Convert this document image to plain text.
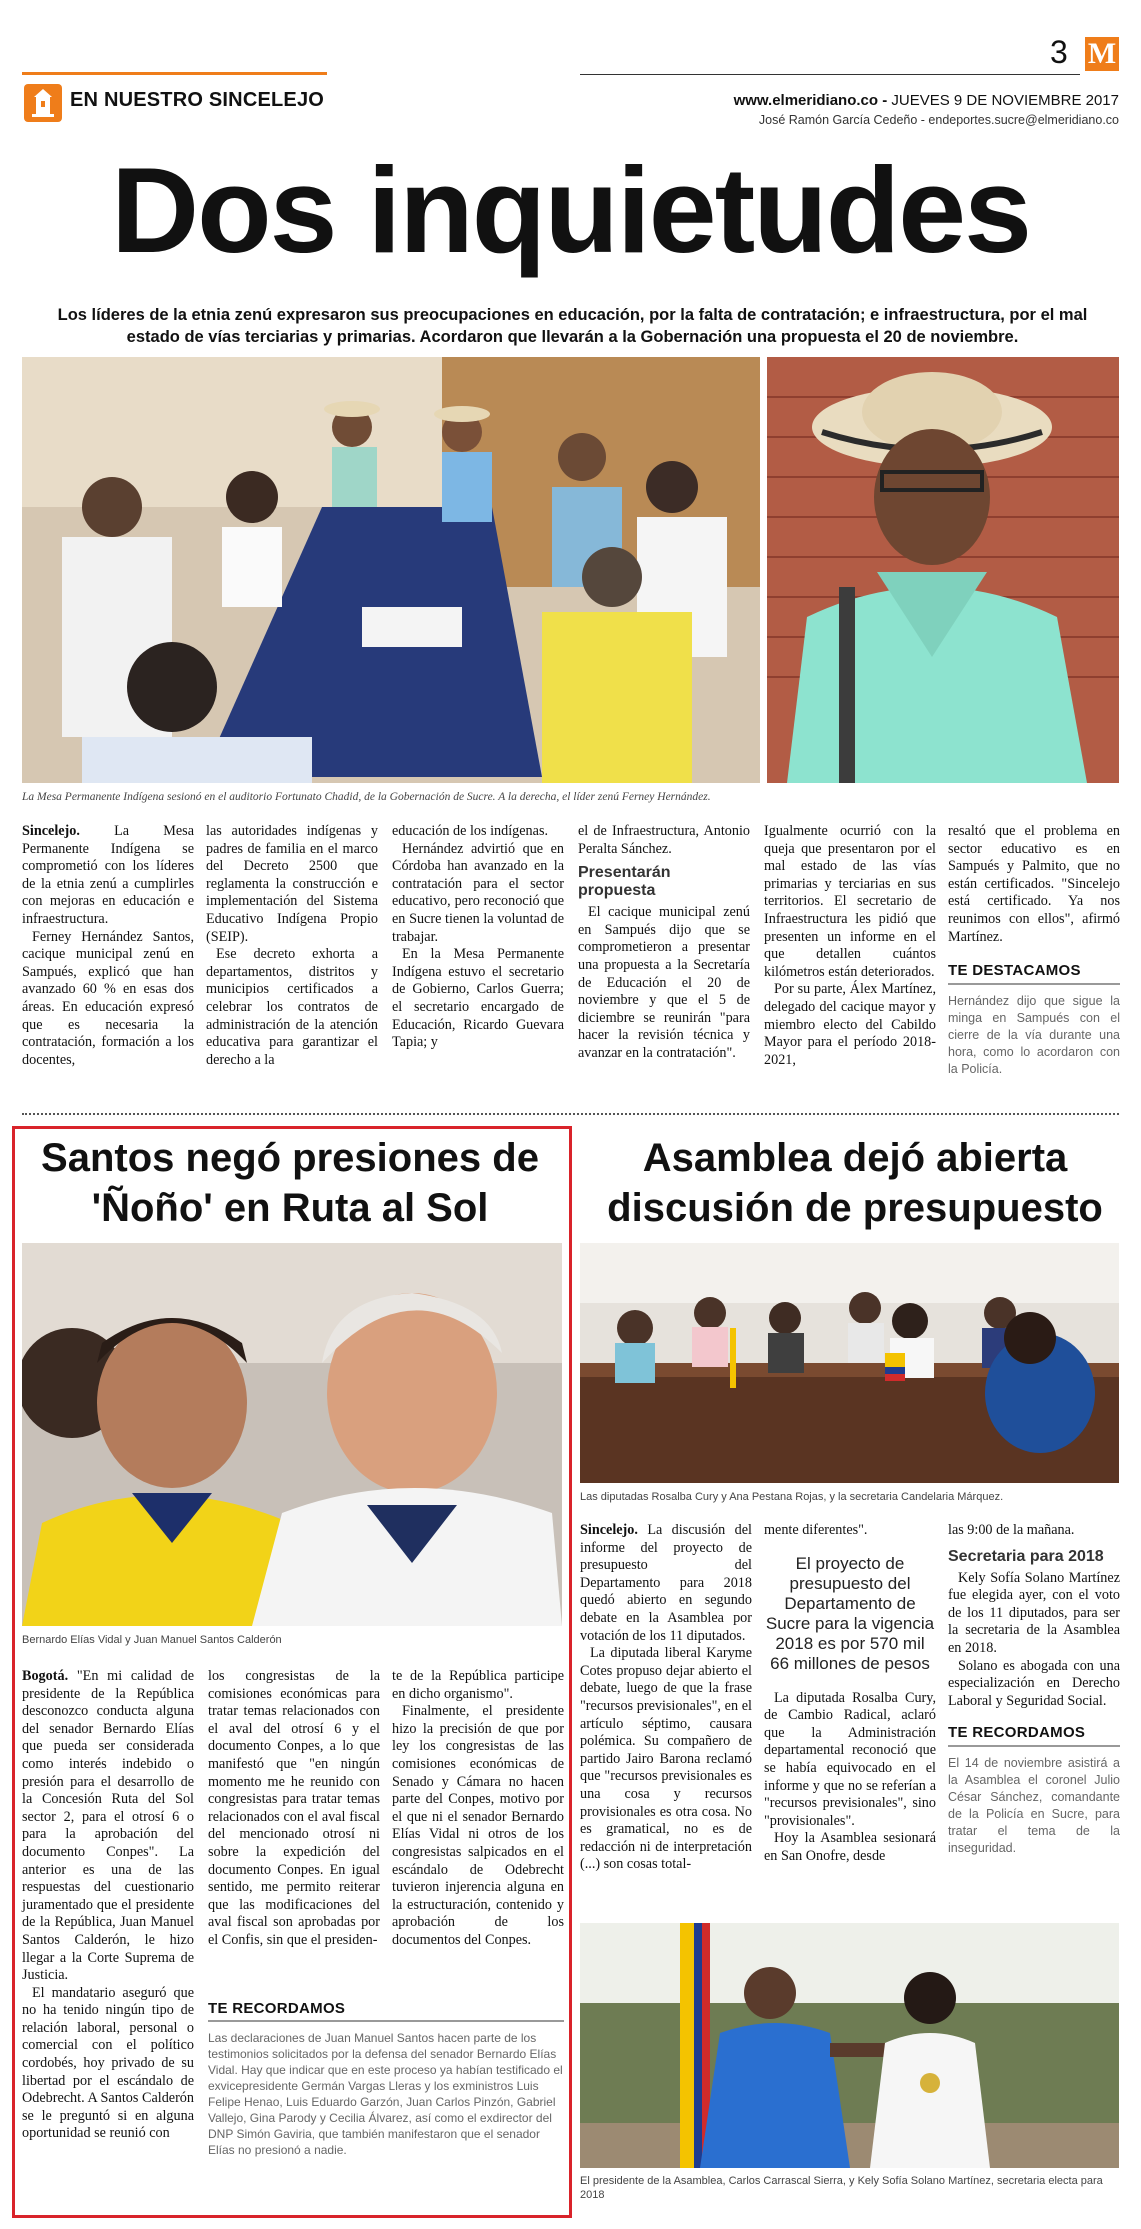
EN NUESTRO SINCELEJO
3 M
www.elmeridiano.co - JUEVES 9 DE NOVIEMBRE 2017
José Ramón García Cedeño - endeportes.sucre@elmeridiano.co
Dos inquietudes
Los líderes de la etnia zenú expresaron sus preocupaciones en educación, por la falta de contratación; e infraestructura, por el mal estado de vías terciarias y primarias. Acordaron que llevarán a la Gobernación una propuesta el 20 de noviembre.
La Mesa Permanente Indígena sesionó en el auditorio Fortunato Chadid, de la Gobernación de Sucre. A la derecha, el líder zenú Ferney Hernández.

Sincelejo. La Mesa Permanente Indígena se comprometió con los líderes de la etnia zenú a cumplirles con mejoras en educación e infraestructura.

Ferney Hernández Santos, cacique municipal zenú en Sampués, explicó que han avanzado 60 % en esas dos áreas. En educación expresó que es necesaria la contratación, formación a los docentes,

las autoridades indígenas y padres de familia en el marco del Decreto 2500 que reglamenta la construcción e implementación del Sistema Educativo Indígena Propio (SEIP).

Ese decreto exhorta a departamentos, distritos y municipios certificados a celebrar los contratos de administración de la atención educativa para garantizar el derecho a la

educación de los indígenas.

Hernández advirtió que en Córdoba han avanzado en la contratación para el sector educativo, pero reconoció que en Sucre tienen la voluntad de trabajar.

En la Mesa Permanente Indígena estuvo el secretario de Gobierno, Carlos Guerra; el secretario encargado de Educación, Ricardo Guevara Tapia; y

el de Infraestructura, Antonio Peralta Sánchez.

Presentarán propuesta

El cacique municipal zenú en Sampués dijo que se comprometieron a presentar una propuesta a la Secretaría de Educación el 20 de noviembre y que el 5 de diciembre se reunirán "para hacer la revisión técnica y avanzar en la contratación".

Igualmente ocurrió con la queja que presentaron por el mal estado de las vías primarias y terciarias en sus territorios. El secretario de Infraestructura les pidió que presenten un informe en el que detallen cuántos kilómetros están deteriorados.

Por su parte, Álex Martínez, delegado del cacique mayor y miembro electo del Cabildo Mayor para el período 2018-2021,

resaltó que el problema en sector educativo es en Sampués y Palmito, que no están certificados. "Sincelejo está certificado. Ya nos reunimos con ellos", afirmó Martínez.

TE DESTACAMOS
Hernández dijo que sigue la minga en Sampués con el cierre de la vía durante una hora, como lo acordaron con la Policía.
Santos negó presiones de 'Ñoño' en Ruta al Sol
Bernardo Elías Vidal y Juan Manuel Santos Calderón

Bogotá. "En mi calidad de presidente de la República desconozco conducta alguna del senador Bernardo Elías que pueda ser considerada como interés indebido o presión para el desarrollo de la Concesión Ruta del Sol sector 2, para el otrosí 6 o para la aprobación del documento Conpes". La anterior es una de las respuestas del cuestionario juramentado que el presidente de la República, Juan Manuel Santos Calderón, le hizo llegar a la Corte Suprema de Justicia.

El mandatario aseguró que no ha tenido ningún tipo de relación laboral, personal o comercial con el político cordobés, hoy privado de su libertad por el escándalo de Odebrecht. A Santos Calderón se le preguntó si en alguna oportunidad se reunió con

los congresistas de la comisiones económicas para tratar temas relacionados con el aval del otrosí 6 y el documento Conpes, a lo que manifestó que "en ningún momento me he reunido con congresistas para tratar temas relacionados con el aval fiscal del mencionado otrosí ni sobre la expedición del documento Conpes. En igual sentido, me permito reiterar que las modificaciones del aval fiscal son aprobadas por el Confis, sin que el presiden-

te de la República participe en dicho organismo".

Finalmente, el presidente hizo la precisión de que por ley los congresistas de las comisiones económicas de Senado y Cámara no hacen parte del Conpes, motivo por el que ni el senador Bernardo Elías Vidal ni otros de los congresistas salpicados en el escándalo de Odebrecht tuvieron injerencia alguna en la estructuración, contenido y aprobación de los documentos del Conpes.

TE RECORDAMOS
Las declaraciones de Juan Manuel Santos hacen parte de los testimonios solicitados por la defensa del senador Bernardo Elías Vidal. Hay que indicar que en este proceso ya habían testificado el exvicepresidente Germán Vargas Lleras y los exministros Luis Felipe Henao, Luis Eduardo Garzón, Juan Carlos Pinzón, Gabriel Vallejo, Gina Parody y Cecilia Álvarez, así como el exdirector del DNP Simón Gaviria, que también manifestaron que el senador Elías no presionó a nadie.
Asamblea dejó abierta discusión de presupuesto
Las diputadas Rosalba Cury y Ana Pestana Rojas, y la secretaria Candelaria Márquez.

Sincelejo. La discusión del informe del proyecto de presupuesto del Departamento para 2018 quedó abierto en segundo debate en la Asamblea por votación de los 11 diputados.

La diputada liberal Karyme Cotes propuso dejar abierto el debate, luego de que la frase "recursos previsionales", en el artículo séptimo, causara polémica. Su compañero de partido Jairo Barona reclamó que "recursos previsionales es una cosa y recursos provisionales es otra cosa. No es gramatical, no es de redacción ni de interpretación (...) son cosas total-

mente diferentes".

El proyecto de presupuesto del Departamento de Sucre para la vigencia 2018 es por 570 mil 66 millones de pesos

La diputada Rosalba Cury, de Cambio Radical, aclaró que la Administración departamental reconoció que se había equivocado en el informe y que no se referían a "recursos previsionales", sino "provisionales".

Hoy la Asamblea sesionará en San Onofre, desde

las 9:00 de la mañana.

Secretaria para 2018

Kely Sofía Solano Martínez fue elegida ayer, con el voto de los 11 diputados, para ser la secretaria de la Asamblea en 2018.

Solano es abogada con una especialización en Derecho Laboral y Seguridad Social.

TE RECORDAMOS
El 14 de noviembre asistirá a la Asamblea el coronel Julio César Sánchez, comandante de la Policía en Sucre, para tratar el tema de la inseguridad.
El presidente de la Asamblea, Carlos Carrascal Sierra, y Kely Sofía Solano Martínez, secretaria electa para 2018
